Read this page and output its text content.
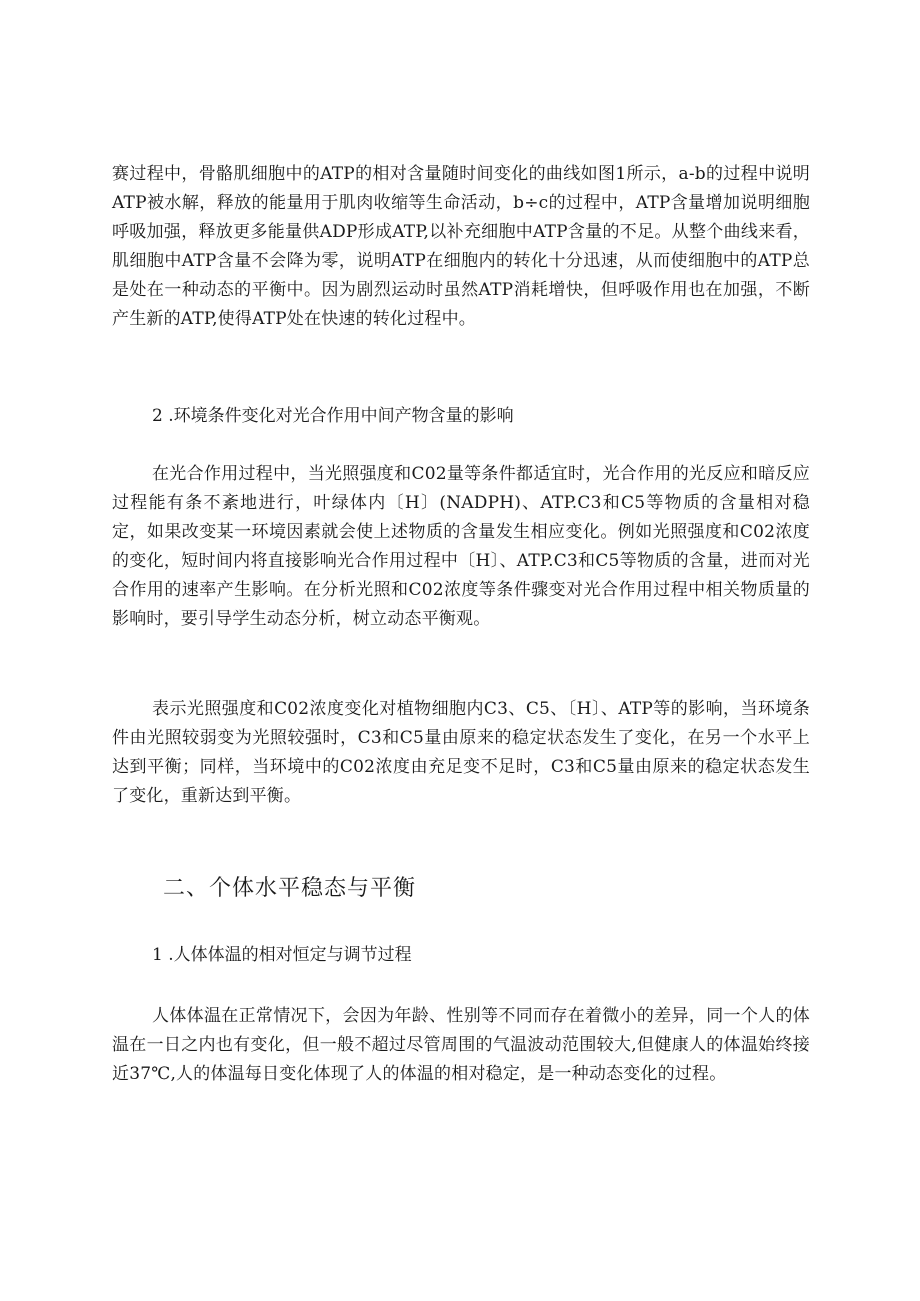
赛过程中，骨骼肌细胞中的ATP的相对含量随时间变化的曲线如图1所示，a-b的过程中说明ATP被水解，释放的能量用于肌肉收缩等生命活动，b÷c的过程中，ATP含量增加说明细胞呼吸加强，释放更多能量供ADP形成ATP,以补充细胞中ATP含量的不足。从整个曲线来看，肌细胞中ATP含量不会降为零，说明ATP在细胞内的转化十分迅速，从而使细胞中的ATP总是处在一种动态的平衡中。因为剧烈运动时虽然ATP消耗增快，但呼吸作用也在加强，不断产生新的ATP,使得ATP处在快速的转化过程中。

2 .环境条件变化对光合作用中间产物含量的影响

在光合作用过程中，当光照强度和C02量等条件都适宜时，光合作用的光反应和暗反应过程能有条不紊地进行，叶绿体内〔H〕(NADPH)、ATP.C3和C5等物质的含量相对稳定，如果改变某一环境因素就会使上述物质的含量发生相应变化。例如光照强度和C02浓度的变化，短时间内将直接影响光合作用过程中〔H〕、ATP.C3和C5等物质的含量，进而对光合作用的速率产生影响。在分析光照和C02浓度等条件骤变对光合作用过程中相关物质量的影响时，要引导学生动态分析，树立动态平衡观。

表示光照强度和C02浓度变化对植物细胞内C3、C5、〔H〕、ATP等的影响，当环境条件由光照较弱变为光照较强时，C3和C5量由原来的稳定状态发生了变化，在另一个水平上达到平衡；同样，当环境中的C02浓度由充足变不足时，C3和C5量由原来的稳定状态发生了变化，重新达到平衡。

二、个体水平稳态与平衡

1 .人体体温的相对恒定与调节过程

人体体温在正常情况下，会因为年龄、性别等不同而存在着微小的差异，同一个人的体温在一日之内也有变化，但一般不超过尽管周围的气温波动范围较大,但健康人的体温始终接近37℃,人的体温每日变化体现了人的体温的相对稳定，是一种动态变化的过程。
